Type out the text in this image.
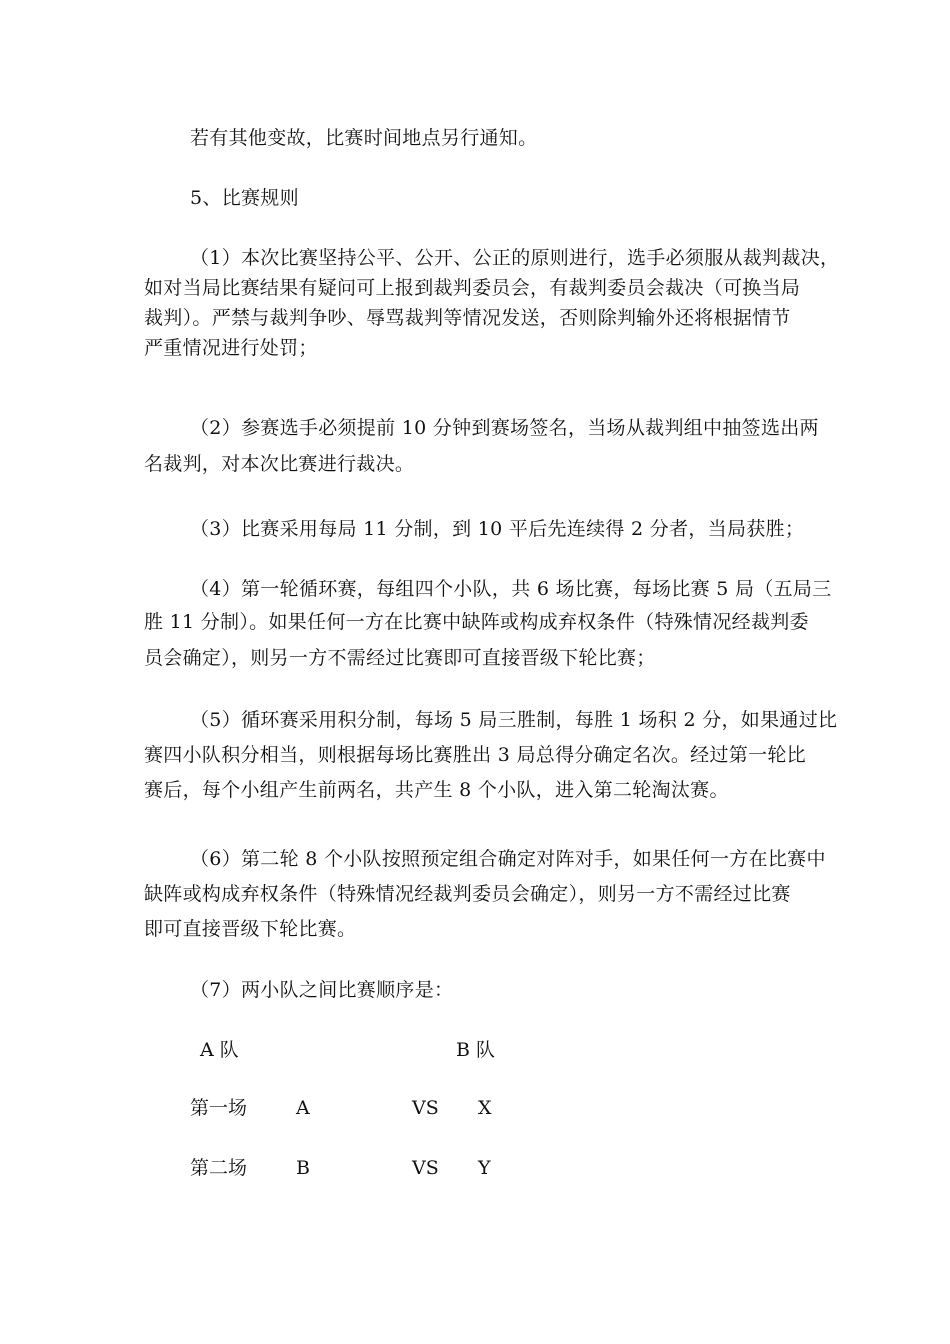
若有其他变故，比赛时间地点另行通知。
5、比赛规则
（1）本次比赛坚持公平、公开、公正的原则进行，选手必须服从裁判裁决，
如对当局比赛结果有疑问可上报到裁判委员会，有裁判委员会裁决（可换当局
裁判）。严禁与裁判争吵、辱骂裁判等情况发送，否则除判输外还将根据情节
严重情况进行处罚；
（2）参赛选手必须提前 10 分钟到赛场签名，当场从裁判组中抽签选出两
名裁判，对本次比赛进行裁决。
（3）比赛采用每局 11 分制，到 10 平后先连续得 2 分者，当局获胜；
（4）第一轮循环赛，每组四个小队，共 6 场比赛，每场比赛 5 局（五局三
胜 11 分制）。如果任何一方在比赛中缺阵或构成弃权条件（特殊情况经裁判委
员会确定），则另一方不需经过比赛即可直接晋级下轮比赛；
（5）循环赛采用积分制，每场 5 局三胜制，每胜 1 场积 2 分，如果通过比
赛四小队积分相当，则根据每场比赛胜出 3 局总得分确定名次。经过第一轮比
赛后，每个小组产生前两名，共产生 8 个小队，进入第二轮淘汰赛。
（6）第二轮 8 个小队按照预定组合确定对阵对手，如果任何一方在比赛中
缺阵或构成弃权条件（特殊情况经裁判委员会确定），则另一方不需经过比赛
即可直接晋级下轮比赛。
（7）两小队之间比赛顺序是：
A 队	B 队
第一场	A	VS X
第二场	B	VS Y
